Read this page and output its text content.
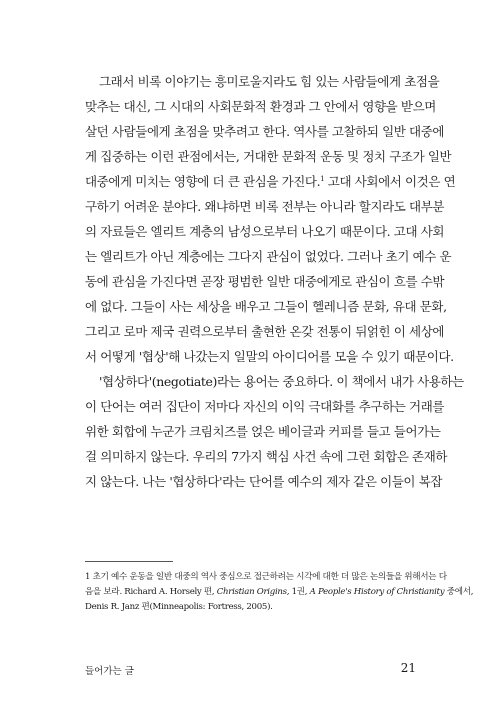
그래서 비록 이야기는 흥미로울지라도 힘 있는 사람들에게 초점을
맞추는 대신, 그 시대의 사회문화적 환경과 그 안에서 영향을 받으며
살던 사람들에게 초점을 맞추려고 한다. 역사를 고찰하되 일반 대중에
게 집중하는 이런 관점에서는, 거대한 문화적 운동 및 정치 구조가 일반
대중에게 미치는 영향에 더 큰 관심을 가진다.$^1$ 고대 사회에서 이것은 연
구하기 어려운 분야다. 왜냐하면 비록 전부는 아니라 할지라도 대부분
의 자료들은 엘리트 계층의 남성으로부터 나오기 때문이다. 고대 사회
는 엘리트가 아닌 계층에는 그다지 관심이 없었다. 그러나 초기 예수 운
동에 관심을 가진다면 곧장 평범한 일반 대중에게로 관심이 흐를 수밖
에 없다. 그들이 사는 세상을 배우고 그들이 헬레니즘 문화, 유대 문화,
그리고 로마 제국 권력으로부터 출현한 온갖 전통이 뒤얽힌 이 세상에
서 어떻게 '협상'해 나갔는지 일말의 아이디어를 모을 수 있기 때문이다.
'협상하다'(negotiate)라는 용어는 중요하다. 이 책에서 내가 사용하는
이 단어는 여러 집단이 저마다 자신의 이익 극대화를 추구하는 거래를
위한 회합에 누군가 크림치즈를 얹은 베이글과 커피를 들고 들어가는
걸 의미하지 않는다. 우리의 7가지 핵심 사건 속에 그런 회합은 존재하
지 않는다. 나는 '협상하다'라는 단어를 예수의 제자 같은 이들이 복잡
1 초기 예수 운동을 일반 대중의 역사 중심으로 접근하려는 시각에 대한 더 많은 논의들을 위해서는 다
음을 보라. Richard A. Horsely 편, Christian Origins, 1권, A People's History of Christianity 중에서,
Denis R. Janz 편(Minneapolis: Fortress, 2005).
들어가는 글	21
